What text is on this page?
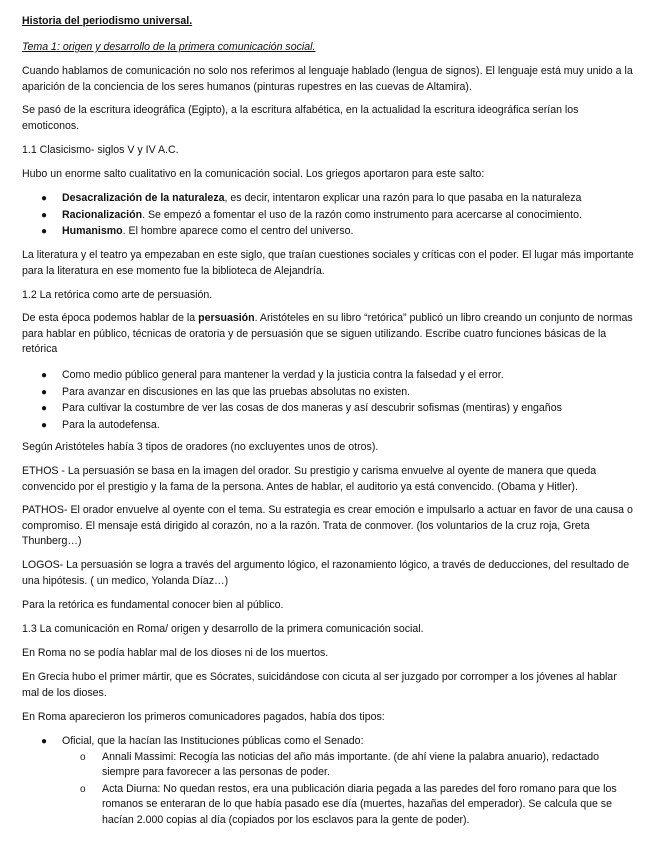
Historia del periodismo universal.

Tema 1: origen y desarrollo de la primera comunicación social.

Cuando hablamos de comunicación no solo nos referimos al lenguaje hablado (lengua de signos). El lenguaje está muy unido a la aparición de la conciencia de los seres humanos (pinturas rupestres en las cuevas de Altamira).

Se pasó de la escritura ideográfica (Egipto), a la escritura alfabética, en la actualidad la escritura ideográfica serían los emoticonos.

1.1 Clasicismo- siglos V y IV A.C.

Hubo un enorme salto cualitativo en la comunicación social. Los griegos aportaron para este salto:

● Desacralización de la naturaleza, es decir, intentaron explicar una razón para lo que pasaba en la naturaleza
● Racionalización. Se empezó a fomentar el uso de la razón como instrumento para acercarse al conocimiento.
● Humanismo. El hombre aparece como el centro del universo.

La literatura y el teatro ya empezaban en este siglo, que traían cuestiones sociales y críticas con el poder. El lugar más importante para la literatura en ese momento fue la biblioteca de Alejandría.

1.2 La retórica como arte de persuasión.

De esta época podemos hablar de la persuasión. Aristóteles en su libro “retórica” publicó un libro creando un conjunto de normas para hablar en público, técnicas de oratoria y de persuasión que se siguen utilizando. Escribe cuatro funciones básicas de la retórica

● Como medio público general para mantener la verdad y la justicia contra la falsedad y el error.
● Para avanzar en discusiones en las que las pruebas absolutas no existen.
● Para cultivar la costumbre de ver las cosas de dos maneras y así descubrir sofismas (mentiras) y engaños
● Para la autodefensa.

Según Aristóteles había 3 tipos de oradores (no excluyentes unos de otros).

ETHOS - La persuasión se basa en la imagen del orador. Su prestigio y carisma envuelve al oyente de manera que queda convencido por el prestigio y la fama de la persona. Antes de hablar, el auditorio ya está convencido. (Obama y Hitler).

PATHOS- El orador envuelve al oyente con el tema. Su estrategia es crear emoción e impulsarlo a actuar en favor de una causa o compromiso. El mensaje está dirigido al corazón, no a la razón. Trata de conmover. (los voluntarios de la cruz roja, Greta Thunberg…)

LOGOS- La persuasión se logra a través del argumento lógico, el razonamiento lógico, a través de deducciones, del resultado de una hipótesis. ( un medico, Yolanda Díaz…)

Para la retórica es fundamental conocer bien al público.

1.3 La comunicación en Roma/ origen y desarrollo de la primera comunicación social.

En Roma no se podía hablar mal de los dioses ni de los muertos.

En Grecia hubo el primer mártir, que es Sócrates, suicidándose con cicuta al ser juzgado por corromper a los jóvenes al hablar mal de los dioses.

En Roma aparecieron los primeros comunicadores pagados, había dos tipos:

● Oficial, que la hacían las Instituciones públicas como el Senado:
o Annali Massimi: Recogía las noticias del año más importante. (de ahí viene la palabra anuario), redactado siempre para favorecer a las personas de poder.
o Acta Diurna: No quedan restos, era una publicación diaria pegada a las paredes del foro romano para que los romanos se enteraran de lo que había pasado ese día (muertes, hazañas del emperador). Se calcula que se hacían 2.000 copias al día (copiados por los esclavos para la gente de poder).
